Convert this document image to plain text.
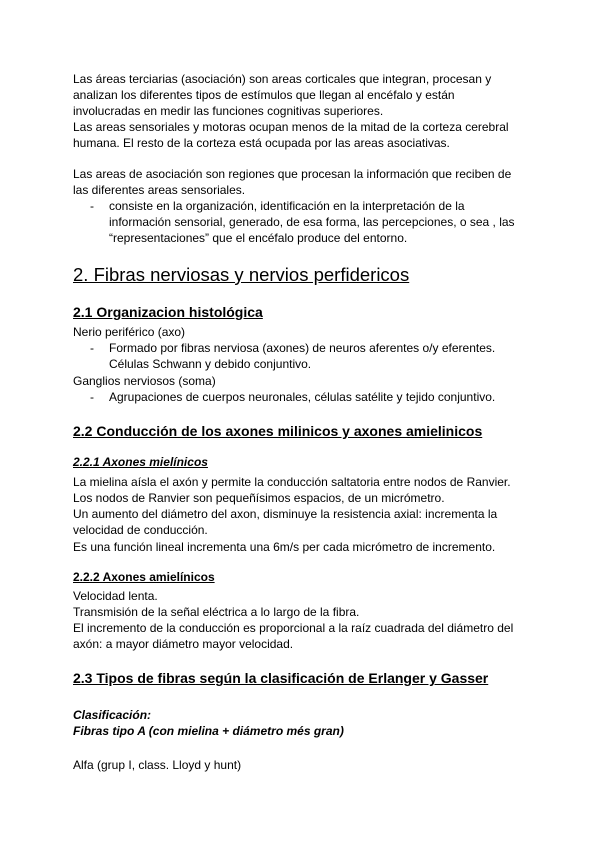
Las áreas terciarias (asociación) son areas corticales que integran, procesan y
analizan los diferentes tipos de estímulos que llegan al encéfalo y están
involucradas en medir las funciones cognitivas superiores.
Las areas sensoriales y motoras ocupan menos de la mitad de la corteza cerebral
humana. El resto de la corteza está ocupada por las areas asociativas.
Las areas de asociación son regiones que procesan la información que reciben de
las diferentes areas sensoriales.
- consiste en la organización, identificación en la interpretación de la
información sensorial, generado, de esa forma, las percepciones, o sea , las
“representaciones” que el encéfalo produce del entorno.
2. Fibras nerviosas y nervios perfidericos
2.1 Organizacion histológica
Nerio periférico (axo)
- Formado por fibras nerviosa (axones) de neuros aferentes o/y eferentes.
Células Schwann y debido conjuntivo.
Ganglios nerviosos (soma)
- Agrupaciones de cuerpos neuronales, células satélite y tejido conjuntivo.
2.2 Conducción de los axones milinicos y axones amielinicos
2.2.1 Axones mielínicos
La mielina aísla el axón y permite la conducción saltatoria entre nodos de Ranvier.
Los nodos de Ranvier son pequeñísimos espacios, de un micrómetro.
Un aumento del diámetro del axon, disminuye la resistencia axial: incrementa la
velocidad de conducción.
Es una función lineal incrementa una 6m/s per cada micrómetro de incremento.
2.2.2 Axones amielínicos
Velocidad lenta.
Transmisión de la señal eléctrica a lo largo de la fibra.
El incremento de la conducción es proporcional a la raíz cuadrada del diámetro del
axón: a mayor diámetro mayor velocidad.
2.3 Tipos de fibras según la clasificación de Erlanger y Gasser
Clasificación:
Fibras tipo A (con mielina + diámetro més gran)
Alfa (grup I, class. Lloyd y hunt)
